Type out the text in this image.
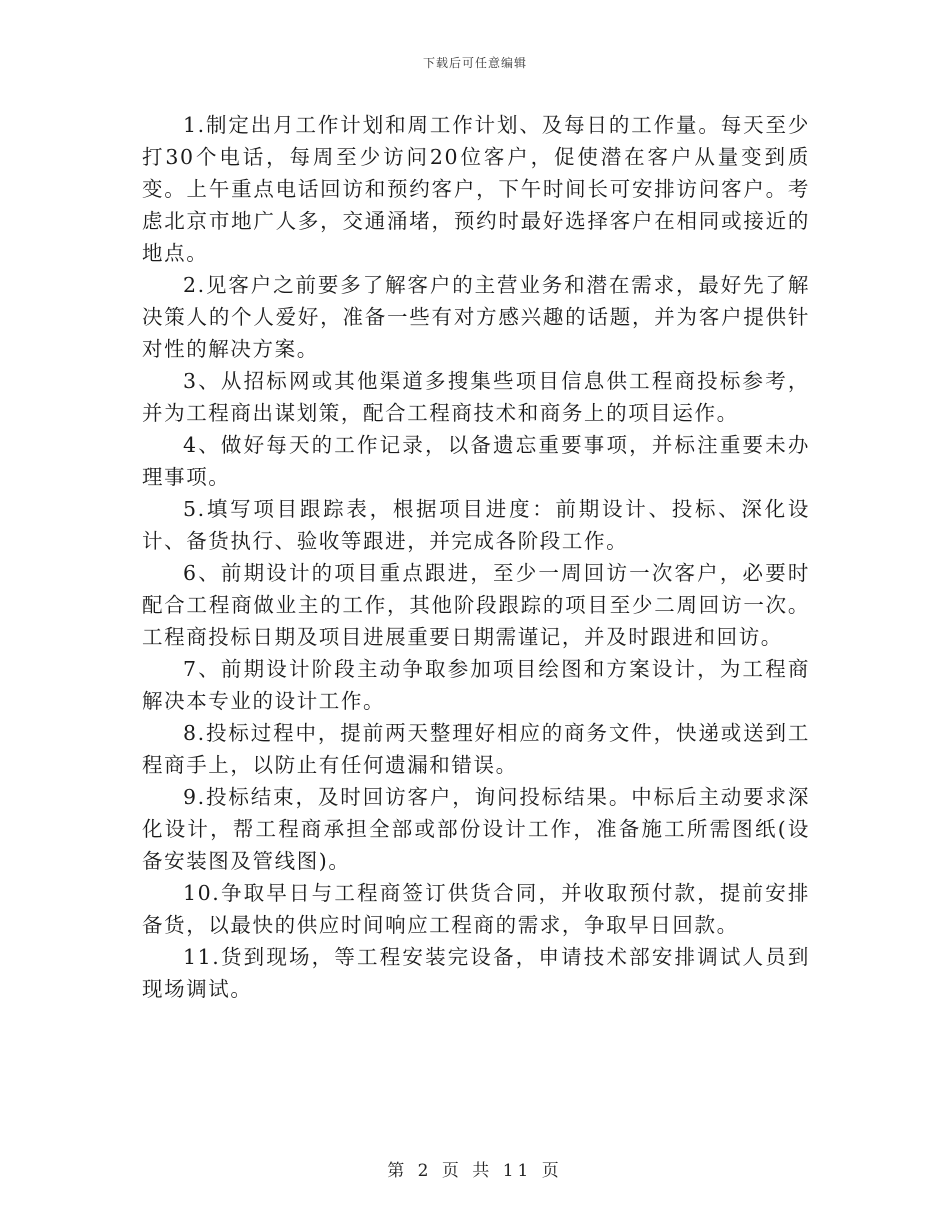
下载后可任意编辑

1.制定出月工作计划和周工作计划、及每日的工作量。每天至少打30个电话，每周至少访问20位客户，促使潜在客户从量变到质变。上午重点电话回访和预约客户，下午时间长可安排访问客户。考虑北京市地广人多，交通涌堵，预约时最好选择客户在相同或接近的地点。

2.见客户之前要多了解客户的主营业务和潜在需求，最好先了解决策人的个人爱好，准备一些有对方感兴趣的话题，并为客户提供针对性的解决方案。

3、从招标网或其他渠道多搜集些项目信息供工程商投标参考，并为工程商出谋划策，配合工程商技术和商务上的项目运作。

4、做好每天的工作记录，以备遗忘重要事项，并标注重要未办理事项。

5.填写项目跟踪表，根据项目进度：前期设计、投标、深化设计、备货执行、验收等跟进，并完成各阶段工作。

6、前期设计的项目重点跟进，至少一周回访一次客户，必要时配合工程商做业主的工作，其他阶段跟踪的项目至少二周回访一次。工程商投标日期及项目进展重要日期需谨记，并及时跟进和回访。

7、前期设计阶段主动争取参加项目绘图和方案设计，为工程商解决本专业的设计工作。

8.投标过程中，提前两天整理好相应的商务文件，快递或送到工程商手上，以防止有任何遗漏和错误。

9.投标结束，及时回访客户，询问投标结果。中标后主动要求深化设计，帮工程商承担全部或部份设计工作，准备施工所需图纸(设备安装图及管线图)。

10.争取早日与工程商签订供货合同，并收取预付款，提前安排备货，以最快的供应时间响应工程商的需求，争取早日回款。

11.货到现场，等工程安装完设备，申请技术部安排调试人员到现场调试。

第 2 页 共 11 页
